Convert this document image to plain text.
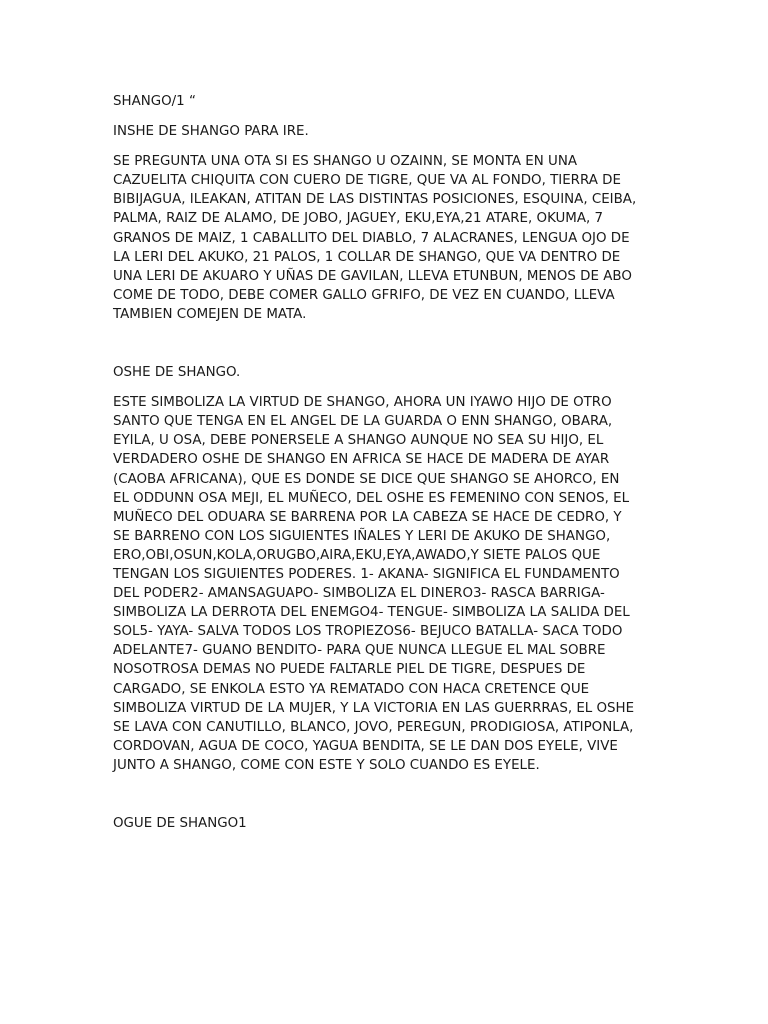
SHANGO/1 “

INSHE DE SHANGO PARA IRE.

SE PREGUNTA UNA OTA SI ES SHANGO U OZAINN, SE MONTA EN UNA
CAZUELITA CHIQUITA CON CUERO DE TIGRE, QUE VA AL FONDO, TIERRA DE
BIBIJAGUA, ILEAKAN, ATITAN DE LAS DISTINTAS POSICIONES, ESQUINA, CEIBA,
PALMA, RAIZ DE ALAMO, DE JOBO, JAGUEY, EKU,EYA,21 ATARE, OKUMA, 7
GRANOS DE MAIZ, 1 CABALLITO DEL DIABLO, 7 ALACRANES, LENGUA OJO DE
LA LERI DEL AKUKO, 21 PALOS, 1 COLLAR DE SHANGO, QUE VA DENTRO DE
UNA LERI DE AKUARO Y UÑAS DE GAVILAN, LLEVA ETUNBUN, MENOS DE ABO
COME DE TODO, DEBE COMER GALLO GFRIFO, DE VEZ EN CUANDO, LLEVA
TAMBIEN COMEJEN DE MATA.

OSHE DE SHANGO.

ESTE SIMBOLIZA LA VIRTUD DE SHANGO, AHORA UN IYAWO HIJO DE OTRO
SANTO QUE TENGA EN EL ANGEL DE LA GUARDA O ENN SHANGO, OBARA,
EYILA, U OSA, DEBE PONERSELE A SHANGO AUNQUE NO SEA SU HIJO, EL
VERDADERO OSHE DE SHANGO EN AFRICA SE HACE DE MADERA DE AYAR
(CAOBA AFRICANA), QUE ES DONDE SE DICE QUE SHANGO SE AHORCO, EN
EL ODDUNN OSA MEJI, EL MUÑECO, DEL OSHE ES FEMENINO CON SENOS, EL
MUÑECO DEL ODUARA SE BARRENA POR LA CABEZA SE HACE DE CEDRO, Y
SE BARRENO CON LOS SIGUIENTES IÑALES Y LERI DE AKUKO DE SHANGO,
ERO,OBI,OSUN,KOLA,ORUGBO,AIRA,EKU,EYA,AWADO,Y SIETE PALOS QUE
TENGAN LOS SIGUIENTES PODERES. 1- AKANA- SIGNIFICA EL FUNDAMENTO
DEL PODER2- AMANSAGUAPO- SIMBOLIZA EL DINERO3- RASCA BARRIGA-
SIMBOLIZA LA DERROTA DEL ENEMGO4- TENGUE- SIMBOLIZA LA SALIDA DEL
SOL5- YAYA- SALVA TODOS LOS TROPIEZOS6- BEJUCO BATALLA- SACA TODO
ADELANTE7- GUANO BENDITO- PARA QUE NUNCA LLEGUE EL MAL SOBRE
NOSOTROSA DEMAS NO PUEDE FALTARLE PIEL DE TIGRE, DESPUES DE
CARGADO, SE ENKOLA ESTO YA REMATADO CON HACA CRETENCE QUE
SIMBOLIZA VIRTUD DE LA MUJER, Y LA VICTORIA EN LAS GUERRRAS, EL OSHE
SE LAVA CON CANUTILLO, BLANCO, JOVO, PEREGUN, PRODIGIOSA, ATIPONLA,
CORDOVAN, AGUA DE COCO, YAGUA BENDITA, SE LE DAN DOS EYELE, VIVE
JUNTO A SHANGO, COME CON ESTE Y SOLO CUANDO ES EYELE.

OGUE DE SHANGO1
